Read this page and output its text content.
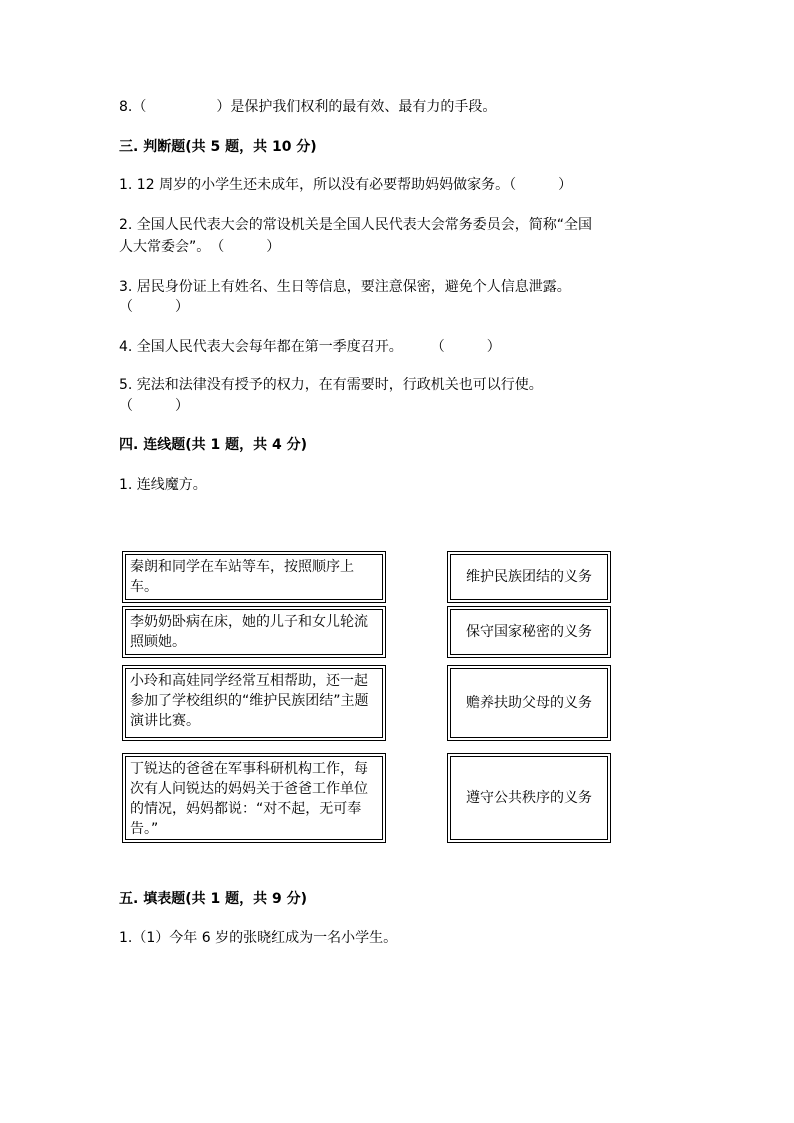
8.（　　　　　）是保护我们权利的最有效、最有力的手段。
三. 判断题(共 5 题，共 10 分)
1. 12 周岁的小学生还未成年，所以没有必要帮助妈妈做家务。（　　　）
2. 全国人民代表大会的常设机关是全国人民代表大会常务委员会，简称“全国
人大常委会”。　（　　　）
3. 居民身份证上有姓名、生日等信息，要注意保密，避免个人信息泄露。
（　　　）
4. 全国人民代表大会每年都在第一季度召开。　　　（　　　）
5. 宪法和法律没有授予的权力，在有需要时，行政机关也可以行使。
（　　　）
四. 连线题(共 1 题，共 4 分)
1. 连线魔方。
秦朗和同学在车站等车，按照顺序上车。
李奶奶卧病在床，她的儿子和女儿轮流照顾她。
小玲和高娃同学经常互相帮助，还一起参加了学校组织的“维护民族团结”主题演讲比赛。
丁锐达的爸爸在军事科研机构工作，每次有人问锐达的妈妈关于爸爸工作单位的情况，妈妈都说：“对不起，无可奉告。”
维护民族团结的义务
保守国家秘密的义务
赡养扶助父母的义务
遵守公共秩序的义务
五. 填表题(共 1 题，共 9 分)
1.（1）今年 6 岁的张晓红成为一名小学生。
